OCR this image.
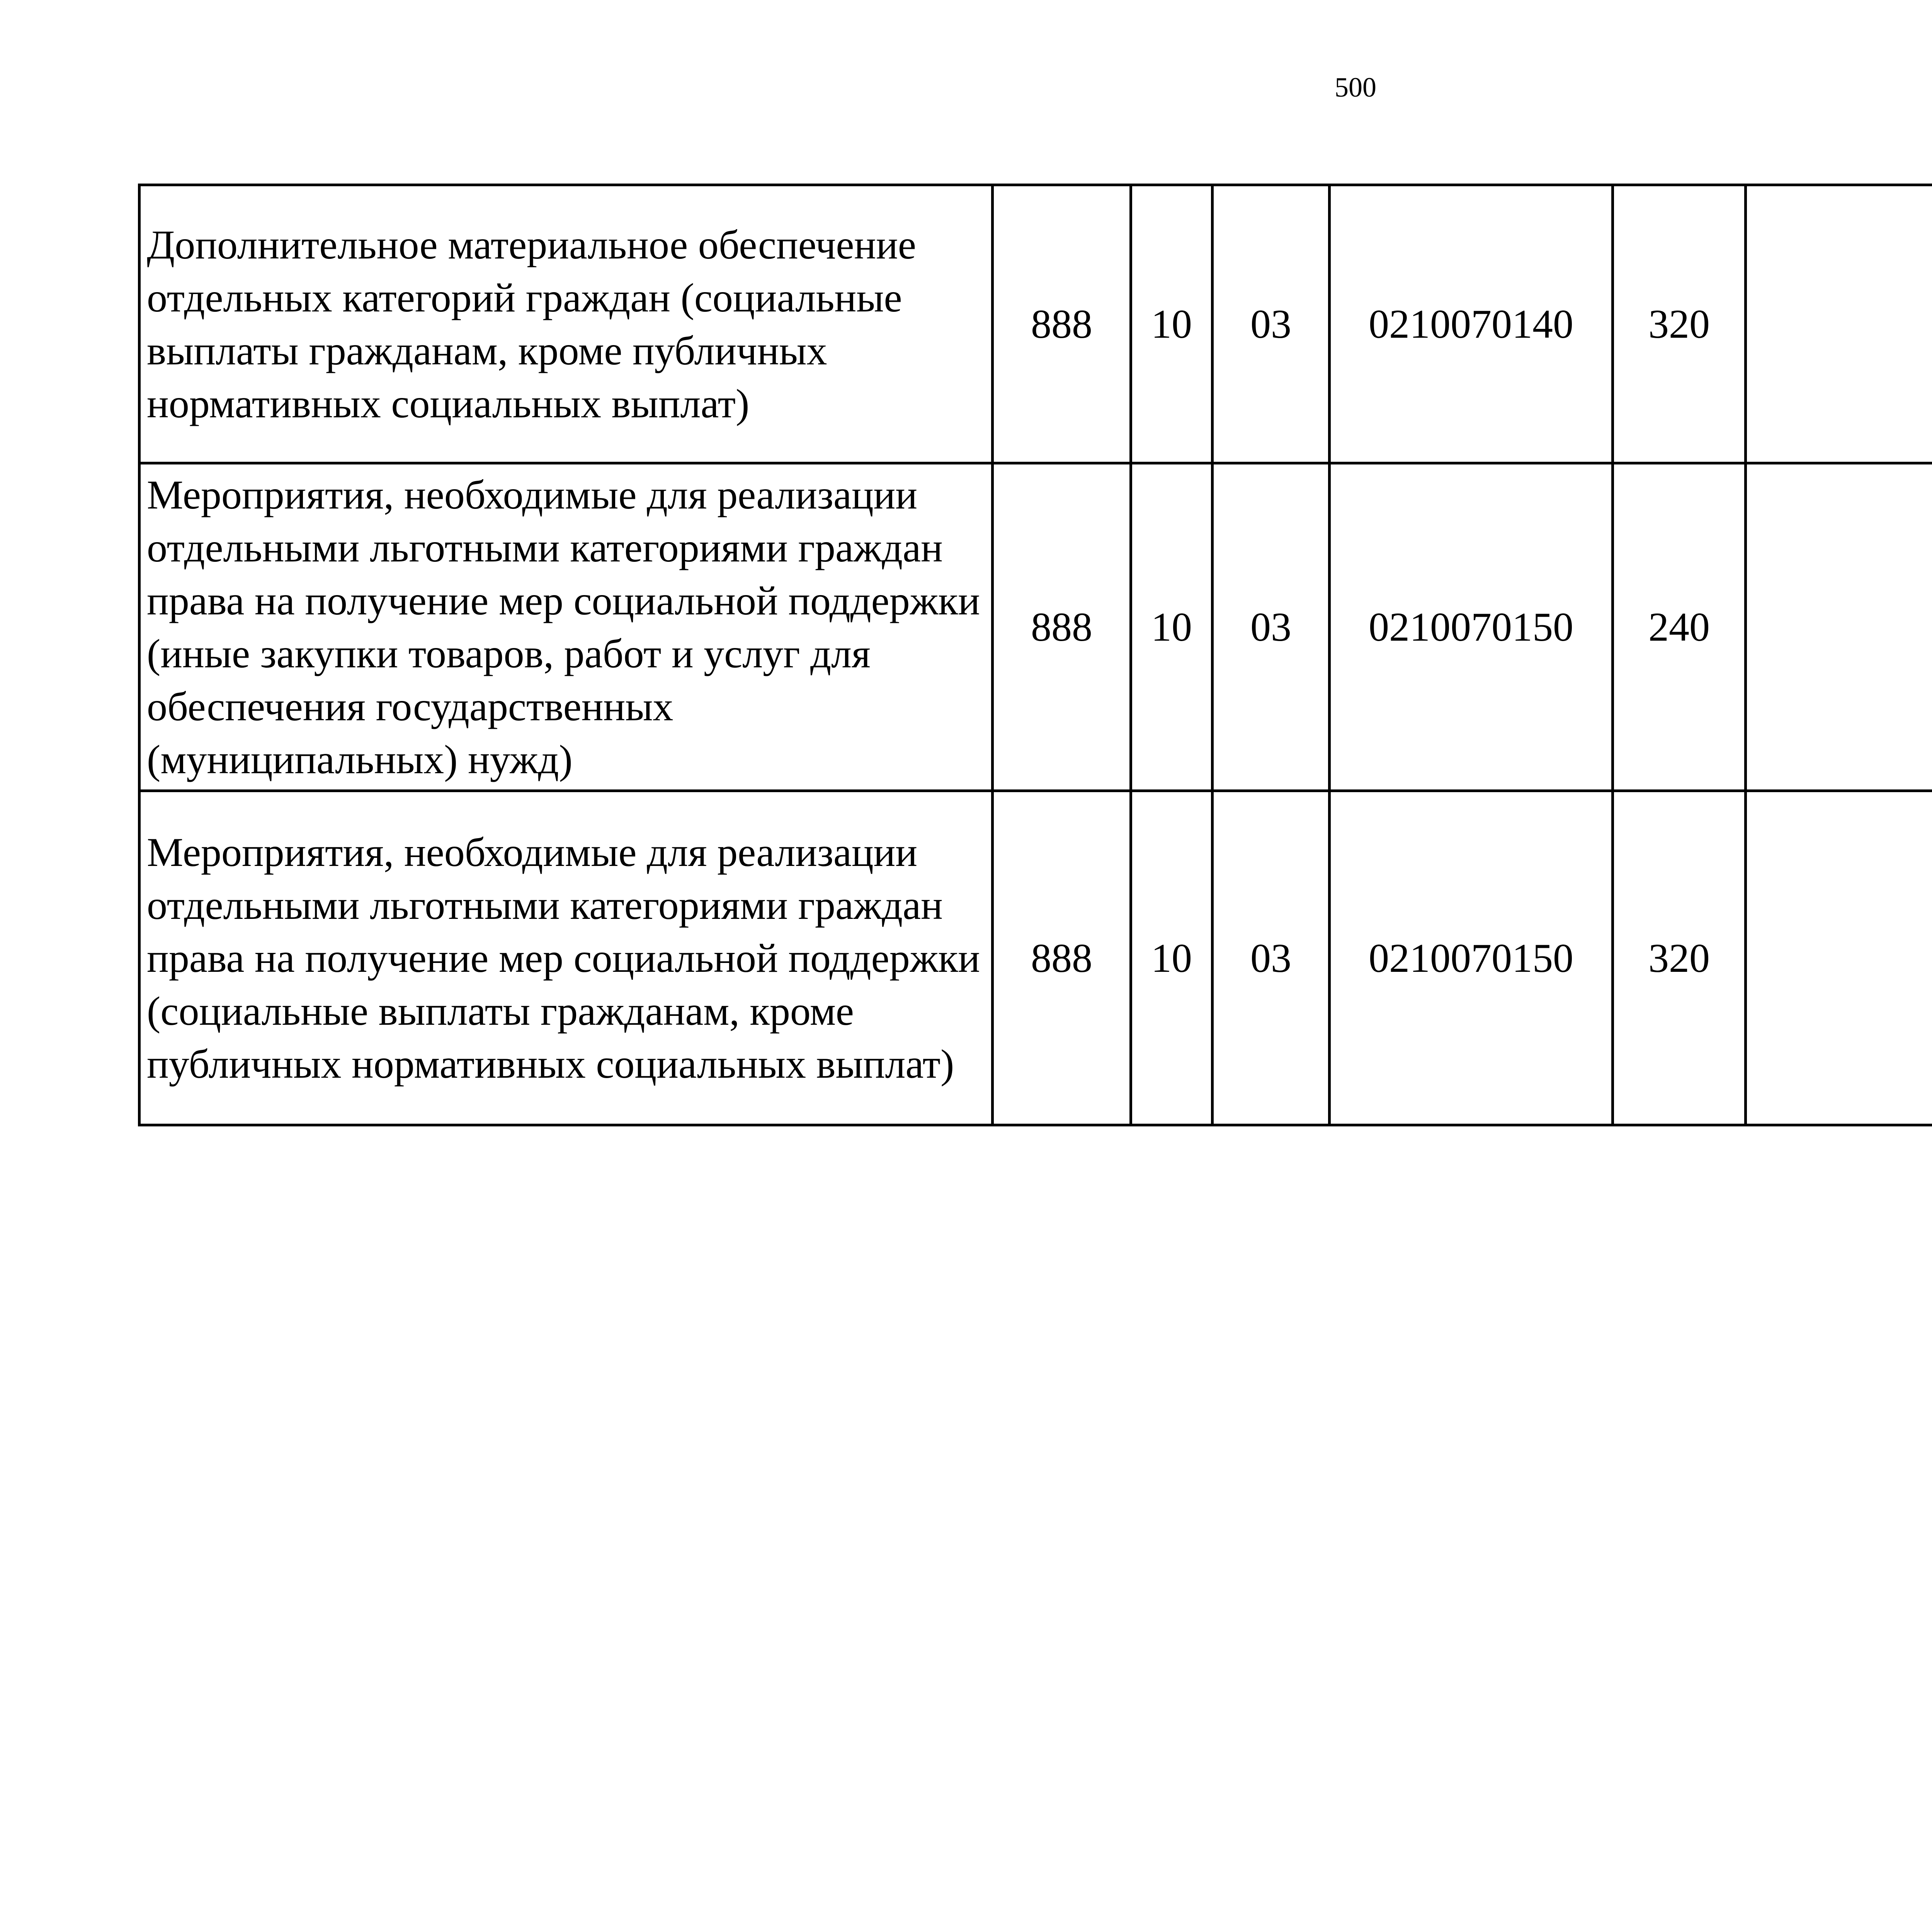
500
Дополнительное материальное обеспечение отдельных категорий граждан (социальные выплаты гражданам, кроме публичных нормативных социальных выплат)	888	10	03	0210070140	320			
Мероприятия, необходимые для реализации отдельными льготными категориями граждан права на получение мер социальной поддержки (иные закупки товаров, работ и услуг для обеспечения государственных (муниципальных) нужд)	888	10	03	0210070150	240			
Мероприятия, необходимые для реализации отдельными льготными категориями граждан права на получение мер социальной поддержки (социальные выплаты гражданам, кроме публичных нормативных социальных выплат)	888	10	03	0210070150	320			
